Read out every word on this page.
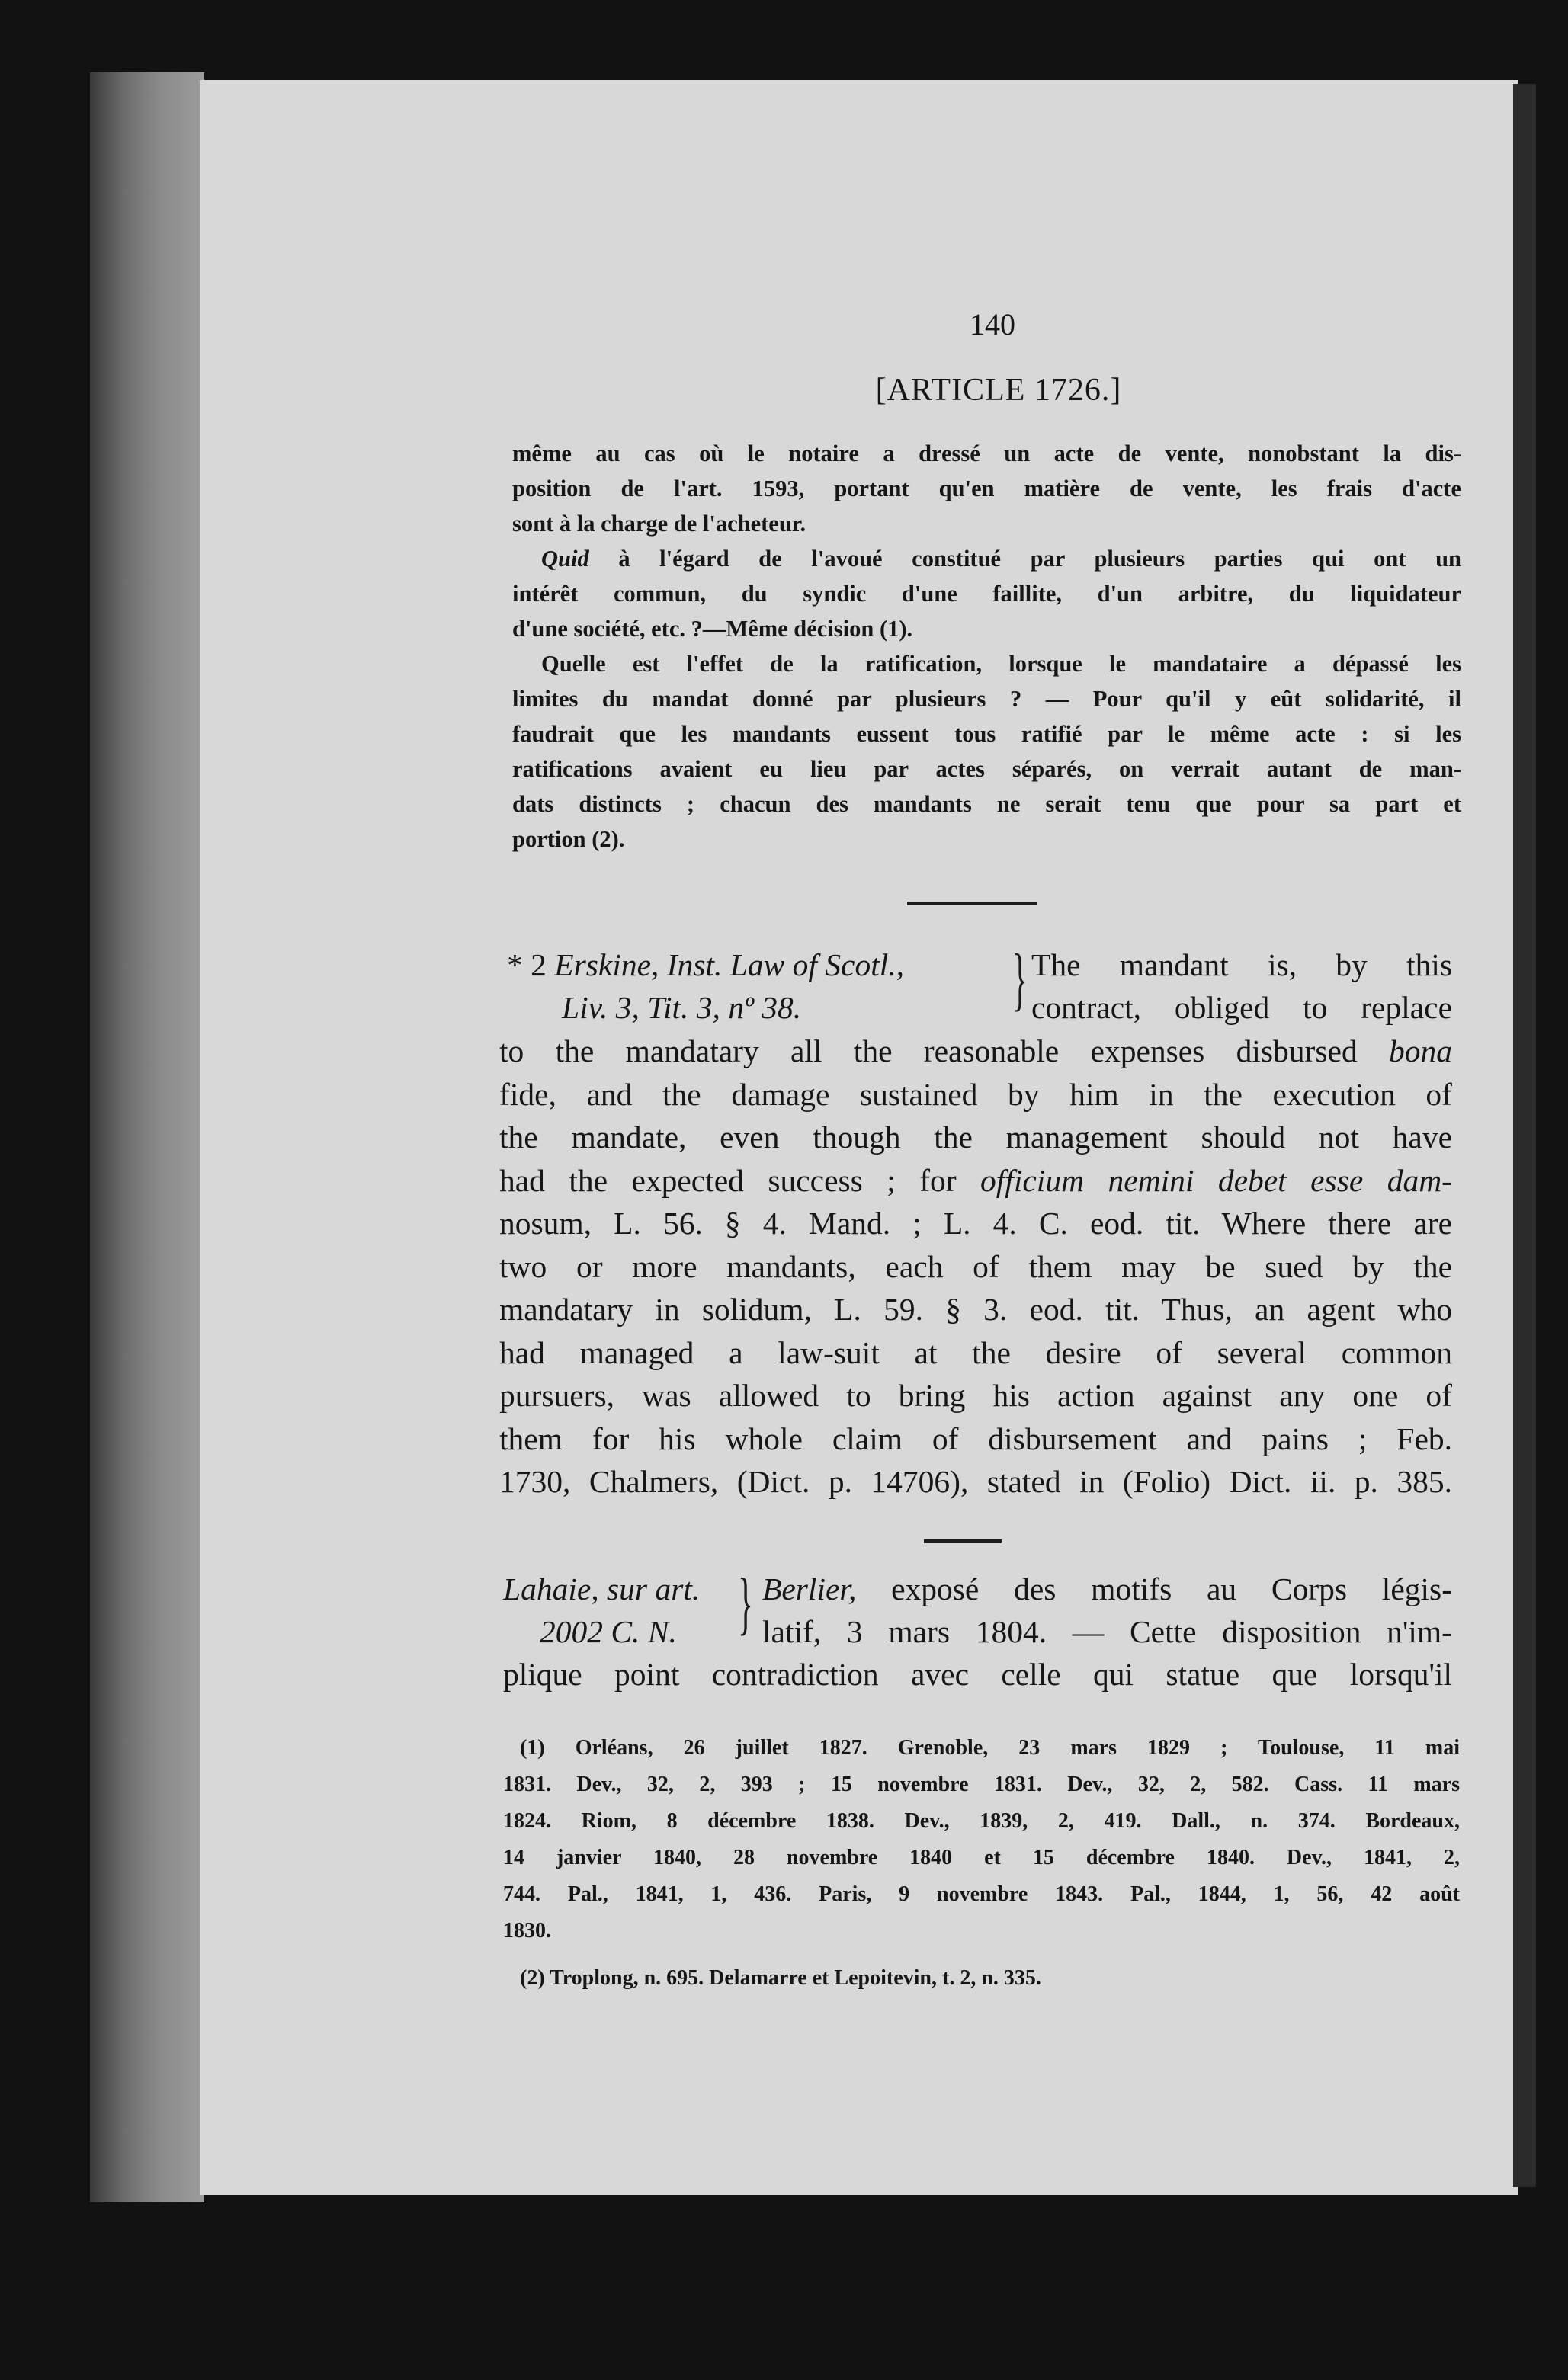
140
[ARTICLE 1726.]
même au cas où le notaire a dressé un acte de vente, nonobstant la dis-
position de l'art. 1593, portant qu'en matière de vente, les frais d'acte
sont à la charge de l'acheteur.
Quid à l'égard de l'avoué constitué par plusieurs parties qui ont un
intérêt commun, du syndic d'une faillite, d'un arbitre, du liquidateur
d'une société, etc. ?—Même décision (1).
Quelle est l'effet de la ratification, lorsque le mandataire a dépassé les
limites du mandat donné par plusieurs ? — Pour qu'il y eût solidarité, il
faudrait que les mandants eussent tous ratifié par le même acte : si les
ratifications avaient eu lieu par actes séparés, on verrait autant de man-
dats distincts ; chacun des mandants ne serait tenu que pour sa part et
portion (2).
* 2 Erskine, Inst. Law of Scotl.,
Liv. 3, Tit. 3, nº 38.	} The mandant is, by this
contract, obliged to replace
to the mandatary all the reasonable expenses disbursed bona
fide, and the damage sustained by him in the execution of
the mandate, even though the management should not have
had the expected success ; for officium nemini debet esse dam-
nosum, L. 56. § 4. Mand. ; L. 4. C. eod. tit. Where there are
two or more mandants, each of them may be sued by the
mandatary in solidum, L. 59. § 3. eod. tit. Thus, an agent who
had managed a law-suit at the desire of several common
pursuers, was allowed to bring his action against any one of
them for his whole claim of disbursement and pains ; Feb.
1730, Chalmers, (Dict. p. 14706), stated in (Folio) Dict. ii. p. 385.
Lahaie, sur art.
2002 C. N. } Berlier, exposé des motifs au Corps légis-
latif, 3 mars 1804. — Cette disposition n'im-
plique point contradiction avec celle qui statue que lorsqu'il
(1) Orléans, 26 juillet 1827. Grenoble, 23 mars 1829 ; Toulouse, 11 mai
1831. Dev., 32, 2, 393 ; 15 novembre 1831. Dev., 32, 2, 582. Cass. 11 mars
1824. Riom, 8 décembre 1838. Dev., 1839, 2, 419. Dall., n. 374. Bordeaux,
14 janvier 1840, 28 novembre 1840 et 15 décembre 1840. Dev., 1841, 2,
744. Pal., 1841, 1, 436. Paris, 9 novembre 1843. Pal., 1844, 1, 56, 42 août
1830.
(2) Troplong, n. 695. Delamarre et Lepoitevin, t. 2, n. 335.
